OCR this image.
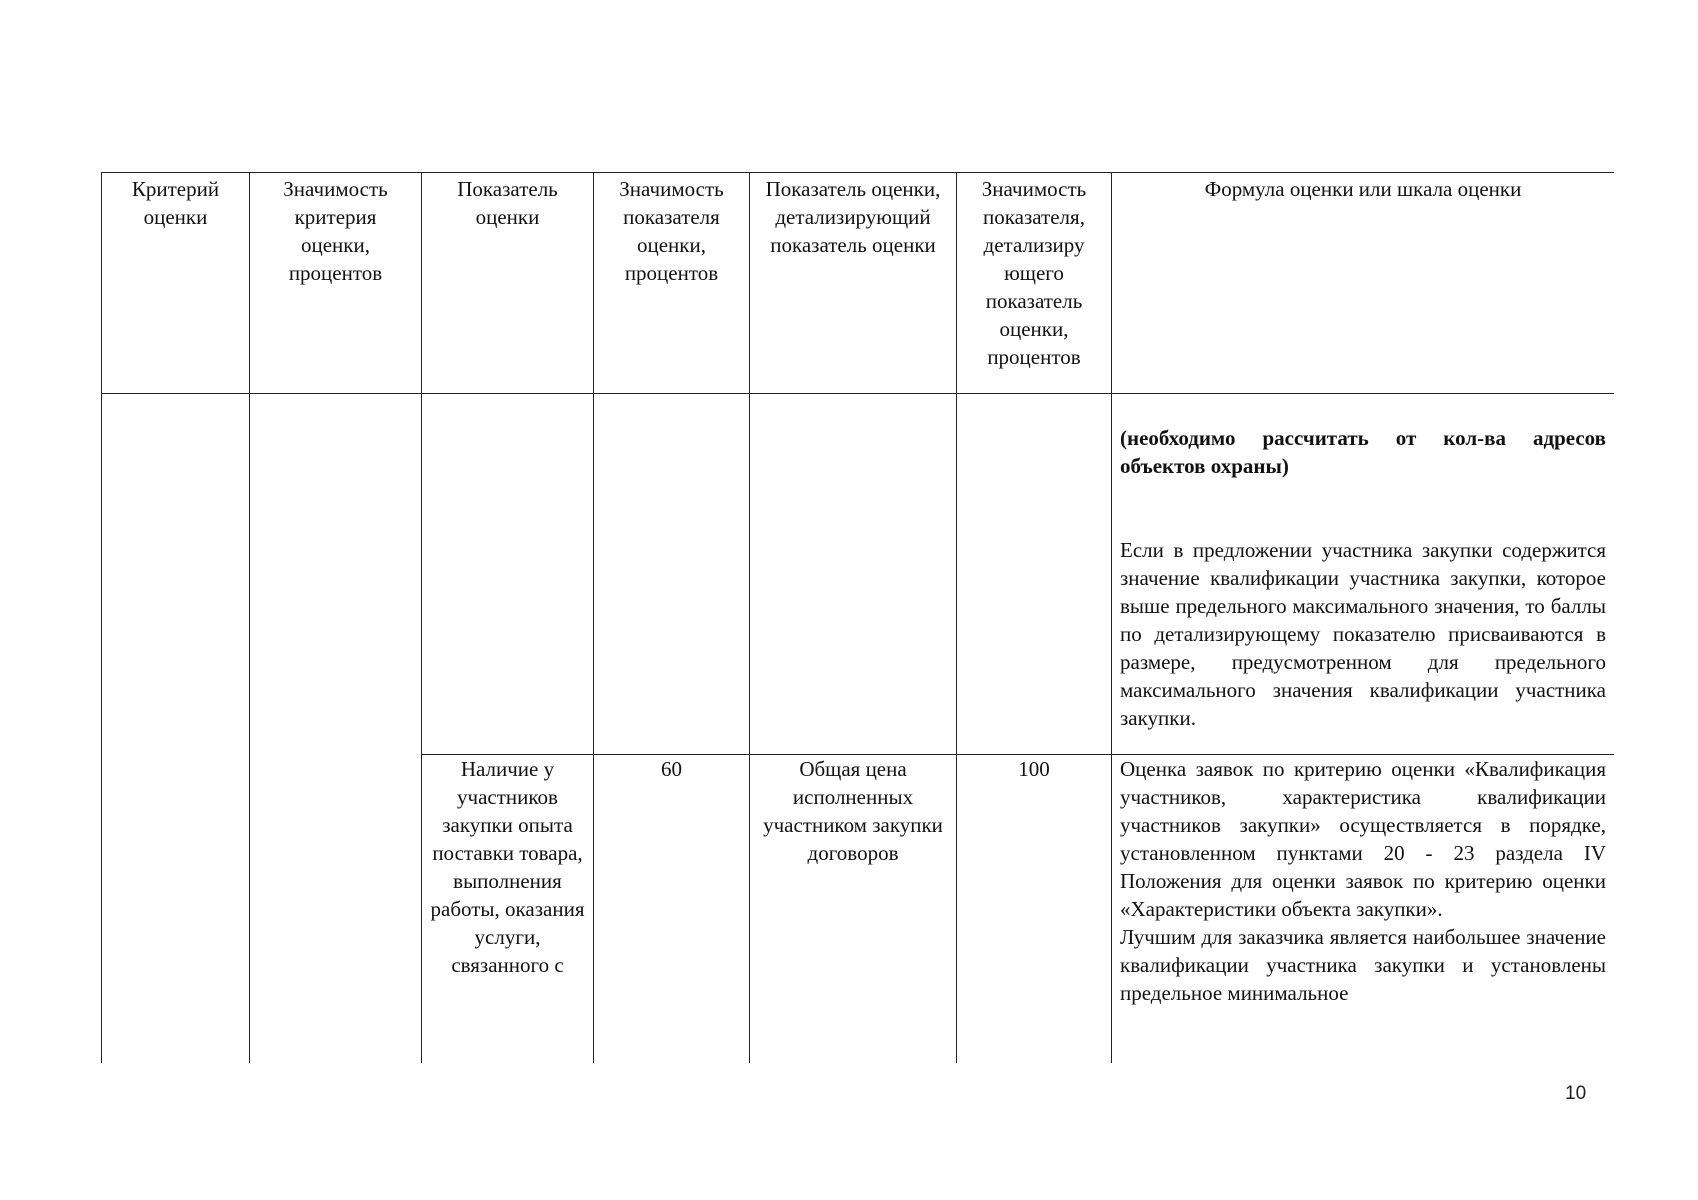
Критерий оценки	Значимость критерия оценки, процентов	Показатель оценки	Значимость показателя оценки, процентов	Показатель оценки, детализирующий показатель оценки	Значимость показателя, детализиру ющего показатель оценки, процентов	Формула оценки или шкала оценки

						(необходимо рассчитать от кол-ва адресов объектов охраны)
Если в предложении участника закупки содержится значение квалификации участника закупки, которое выше предельного максимального значения, то баллы по детализирующему показателю присваиваются в размере, предусмотренном для предельного максимального значения квалификации участника закупки.

		Наличие у участников закупки опыта поставки товара, выполнения работы, оказания услуги, связанного с	60	Общая цена исполненных участником закупки договоров	100	Оценка заявок по критерию оценки «Квалификация участников, характеристика квалификации участников закупки» осуществляется в порядке, установленном пунктами 20 - 23 раздела IV Положения для оценки заявок по критерию оценки «Характеристики объекта закупки».
Лучшим для заказчика является наибольшее значение квалификации участника закупки и установлены предельное минимальное
10
